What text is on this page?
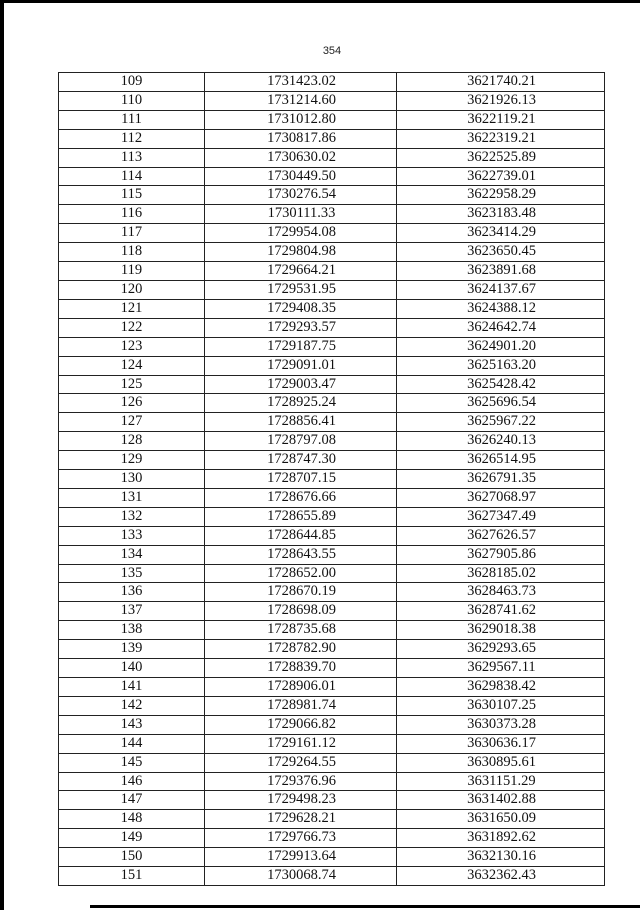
354
109	1731423.02	3621740.21
110	1731214.60	3621926.13
111	1731012.80	3622119.21
112	1730817.86	3622319.21
113	1730630.02	3622525.89
114	1730449.50	3622739.01
115	1730276.54	3622958.29
116	1730111.33	3623183.48
117	1729954.08	3623414.29
118	1729804.98	3623650.45
119	1729664.21	3623891.68
120	1729531.95	3624137.67
121	1729408.35	3624388.12
122	1729293.57	3624642.74
123	1729187.75	3624901.20
124	1729091.01	3625163.20
125	1729003.47	3625428.42
126	1728925.24	3625696.54
127	1728856.41	3625967.22
128	1728797.08	3626240.13
129	1728747.30	3626514.95
130	1728707.15	3626791.35
131	1728676.66	3627068.97
132	1728655.89	3627347.49
133	1728644.85	3627626.57
134	1728643.55	3627905.86
135	1728652.00	3628185.02
136	1728670.19	3628463.73
137	1728698.09	3628741.62
138	1728735.68	3629018.38
139	1728782.90	3629293.65
140	1728839.70	3629567.11
141	1728906.01	3629838.42
142	1728981.74	3630107.25
143	1729066.82	3630373.28
144	1729161.12	3630636.17
145	1729264.55	3630895.61
146	1729376.96	3631151.29
147	1729498.23	3631402.88
148	1729628.21	3631650.09
149	1729766.73	3631892.62
150	1729913.64	3632130.16
151	1730068.74	3632362.43
